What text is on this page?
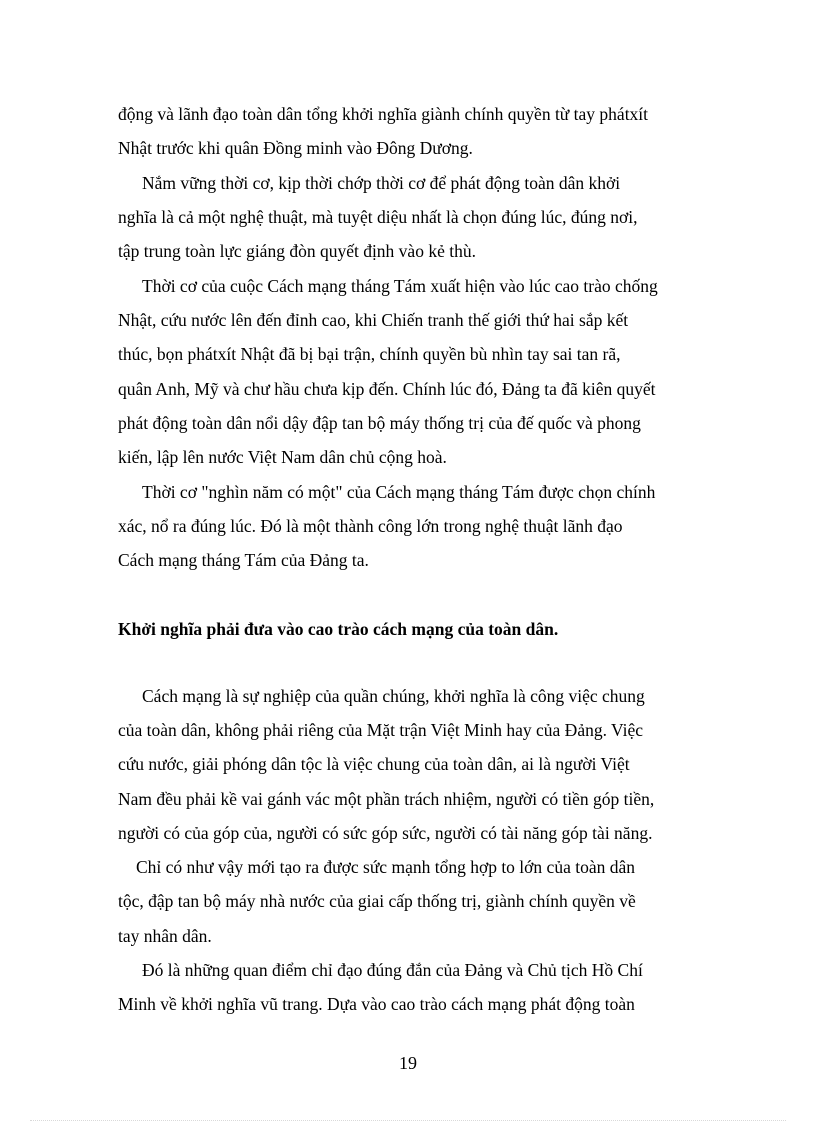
động và lãnh đạo toàn dân tổng khởi nghĩa giành chính quyền từ tay phátxít

Nhật trước khi quân Đồng minh vào Đông Dương.

Nắm vững thời cơ, kịp thời chớp thời cơ để phát động toàn dân khởi

nghĩa là cả một nghệ thuật, mà tuyệt diệu nhất là chọn đúng lúc, đúng nơi,

tập trung toàn lực giáng đòn quyết định vào kẻ thù.

Thời cơ của cuộc Cách mạng tháng Tám xuất hiện vào lúc cao trào chống

Nhật, cứu nước lên đến đỉnh cao, khi Chiến tranh thế giới thứ hai sắp kết

thúc, bọn phátxít Nhật đã bị bại trận, chính quyền bù nhìn tay sai tan rã,

quân Anh, Mỹ và chư hầu chưa kịp đến. Chính lúc đó, Đảng ta đã kiên quyết

phát động toàn dân nổi dậy đập tan bộ máy thống trị của đế quốc và phong

kiến, lập lên nước Việt Nam dân chủ cộng hoà.

Thời cơ "nghìn năm có một" của Cách mạng tháng Tám được chọn chính

xác, nổ ra đúng lúc. Đó là một thành công lớn trong nghệ thuật lãnh đạo

Cách mạng tháng Tám của Đảng ta.

Khởi nghĩa phải đưa vào cao trào cách mạng của toàn dân.

Cách mạng là sự nghiệp của quần chúng, khởi nghĩa là công việc chung

của toàn dân, không phải riêng của Mặt trận Việt Minh hay của Đảng. Việc

cứu nước, giải phóng dân tộc là việc chung của toàn dân, ai là người Việt

Nam đều phải kề vai gánh vác một phần trách nhiệm, người có tiền góp tiền,

người có của góp của, người có sức góp sức, người có tài năng góp tài năng.

Chỉ có như vậy mới tạo ra được sức mạnh tổng hợp to lớn của toàn dân

tộc, đập tan bộ máy nhà nước của giai cấp thống trị, giành chính quyền về

tay nhân dân.

Đó là những quan điểm chỉ đạo đúng đắn của Đảng và Chủ tịch Hồ Chí

Minh về khởi nghĩa vũ trang. Dựa vào cao trào cách mạng phát động toàn

19
